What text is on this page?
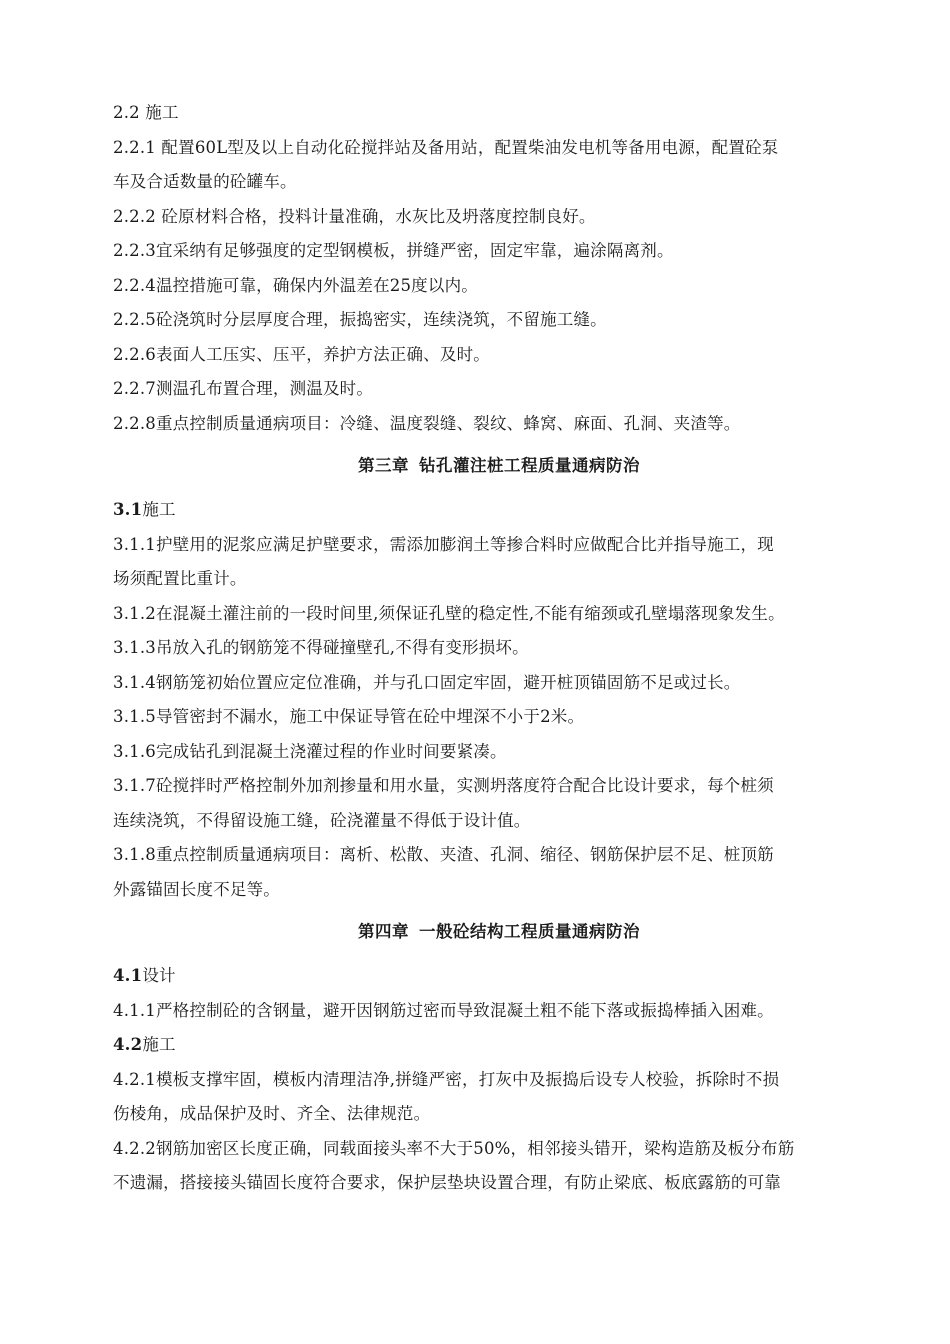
2.2 施工
2.2.1 配置60L型及以上自动化砼搅拌站及备用站，配置柴油发电机等备用电源，配置砼泵
车及合适数量的砼罐车。
2.2.2 砼原材料合格，投料计量准确，水灰比及坍落度控制良好。
2.2.3宜采纳有足够强度的定型钢模板，拼缝严密，固定牢靠，遍涂隔离剂。
2.2.4温控措施可靠，确保内外温差在25度以内。
2.2.5砼浇筑时分层厚度合理，振捣密实，连续浇筑，不留施工缝。
2.2.6表面人工压实、压平，养护方法正确、及时。
2.2.7测温孔布置合理，测温及时。
2.2.8重点控制质量通病项目：冷缝、温度裂缝、裂纹、蜂窝、麻面、孔洞、夹渣等。
第三章 钻孔灌注桩工程质量通病防治
3.1施工
3.1.1护壁用的泥浆应满足护壁要求，需添加膨润土等掺合料时应做配合比并指导施工，现
场须配置比重计。
3.1.2在混凝土灌注前的一段时间里,须保证孔壁的稳定性,不能有缩颈或孔壁塌落现象发生。
3.1.3吊放入孔的钢筋笼不得碰撞壁孔,不得有变形损坏。
3.1.4钢筋笼初始位置应定位准确，并与孔口固定牢固，避开桩顶锚固筋不足或过长。
3.1.5导管密封不漏水，施工中保证导管在砼中埋深不小于2米。
3.1.6完成钻孔到混凝土浇灌过程的作业时间要紧凑。
3.1.7砼搅拌时严格控制外加剂掺量和用水量，实测坍落度符合配合比设计要求，每个桩须
连续浇筑，不得留设施工缝，砼浇灌量不得低于设计值。
3.1.8重点控制质量通病项目：离析、松散、夹渣、孔洞、缩径、钢筋保护层不足、桩顶筋
外露锚固长度不足等。
第四章 一般砼结构工程质量通病防治
4.1设计
4.1.1严格控制砼的含钢量，避开因钢筋过密而导致混凝土粗不能下落或振捣棒插入困难。
4.2施工
4.2.1模板支撑牢固，模板内清理洁净,拼缝严密，打灰中及振捣后设专人校验，拆除时不损
伤棱角，成品保护及时、齐全、法律规范。
4.2.2钢筋加密区长度正确，同载面接头率不大于50%，相邻接头错开，梁构造筋及板分布筋
不遗漏，搭接接头锚固长度符合要求，保护层垫块设置合理，有防止梁底、板底露筋的可靠
